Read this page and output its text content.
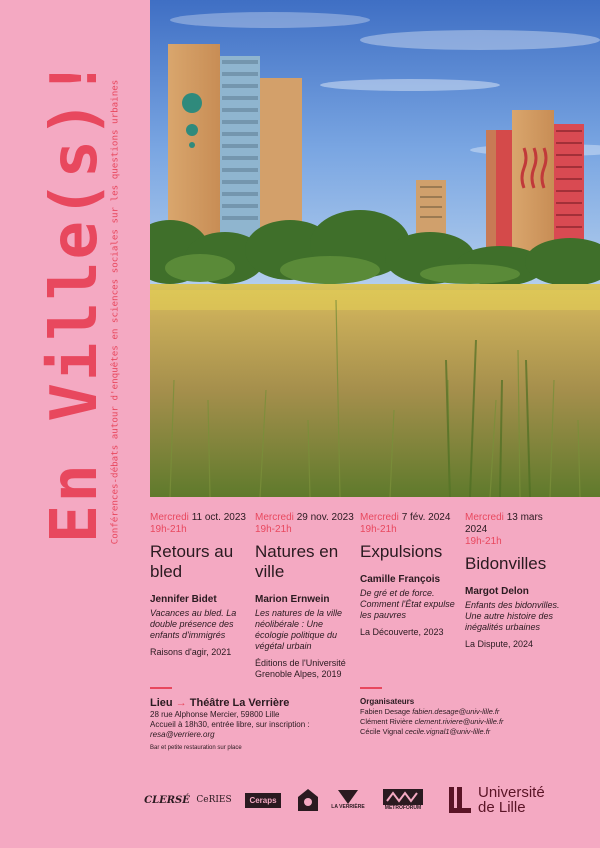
En Ville(s)!
Conférences-débats autour d'enquêtes en sciences sociales sur les questions urbaines	Mercredi 11 oct. 2023
19h-21h
Retours au bled
Jennifer Bidet
Vacances au bled. La double présence des enfants d'immigrés
Raisons d'agir, 2021
Mercredi 29 nov. 2023
19h-21h
Natures en ville
Marion Ernwein
Les natures de la ville néolibérale : Une écologie politique du végétal urbain
Éditions de l'Université Grenoble Alpes, 2019
Mercredi 7 fév. 2024
19h-21h
Expulsions
Camille François
De gré et de force. Comment l'État expulse les pauvres
La Découverte, 2023
Mercredi 13 mars 2024
19h-21h
Bidonvilles
Margot Delon
Enfants des bidonvilles. Une autre histoire des inégalités urbaines
La Dispute, 2024
Lieu → Théâtre La Verrière
28 rue Alphonse Mercier, 59800 Lille
Accueil à 18h30, entrée libre, sur inscription :
resa@verriere.org
Bar et petite restauration sur place
Organisateurs
Fabien Desage fabien.desage@univ-lille.fr
Clément Rivière clement.riviere@univ-lille.fr
Cécile Vignal cecile.vignal1@univ-lille.fr
CLERSÉ CeRIES	Ceraps
LA VERRIÈRE	METROFORUM
Université
de Lille
